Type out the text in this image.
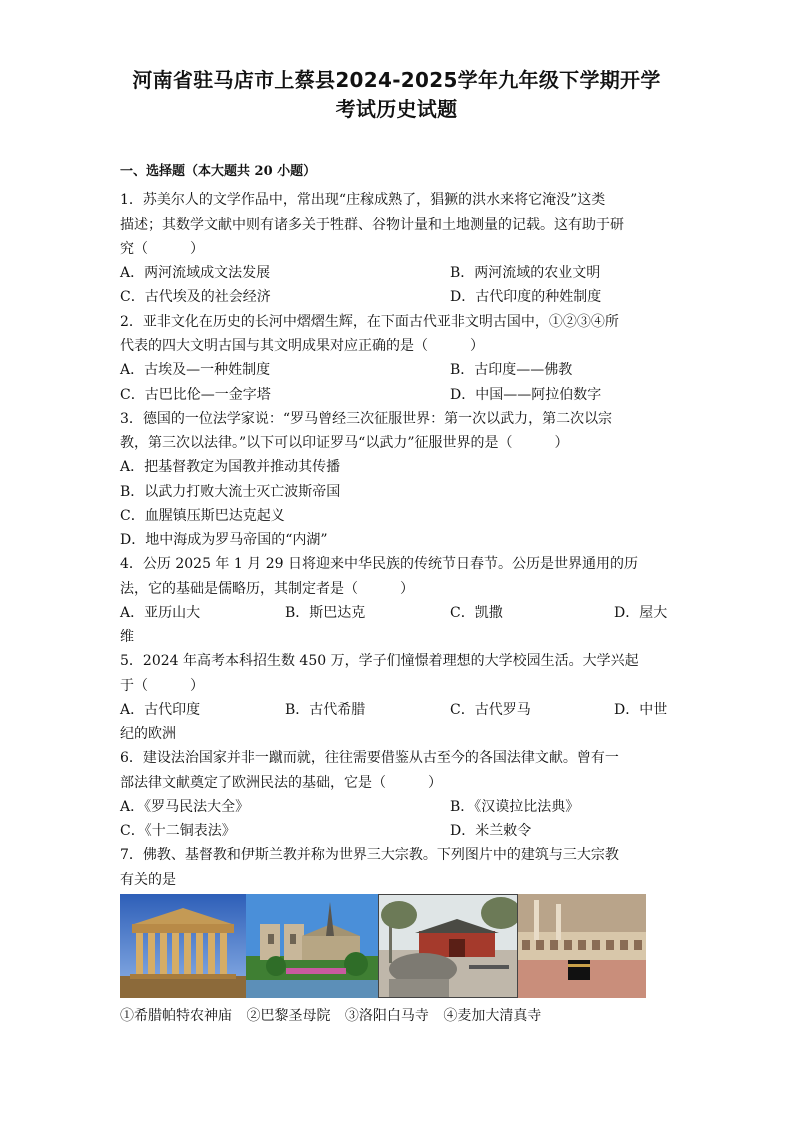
河南省驻马店市上蔡县2024-2025学年九年级下学期开学
考试历史试题
一、选择题（本大题共 20 小题）
1．苏美尔人的文学作品中，常出现“庄稼成熟了，猖獗的洪水来将它淹没”这类
描述；其数学文献中则有诸多关于牲群、谷物计量和土地测量的记载。这有助于研
究（　　　）
A．两河流域成文法发展	B．两河流域的农业文明
C．古代埃及的社会经济	D．古代印度的种姓制度
2．亚非文化在历史的长河中熠熠生辉，在下面古代亚非文明古国中，①②③④所
代表的四大文明古国与其文明成果对应正确的是（　　　）
A．古埃及—一种姓制度	B．古印度——佛教
C．古巴比伦—一金字塔	D．中国——阿拉伯数字
3．德国的一位法学家说：“罗马曾经三次征服世界：第一次以武力，第二次以宗
教，第三次以法律。”以下可以印证罗马“以武力”征服世界的是（　　　）
A．把基督教定为国教并推动其传播
B．以武力打败大流士灭亡波斯帝国
C．血腥镇压斯巴达克起义
D．地中海成为罗马帝国的“内湖”
4．公历 2025 年 1 月 29 日将迎来中华民族的传统节日春节。公历是世界通用的历
法，它的基础是儒略历，其制定者是（　　　）
A．亚历山大	B．斯巴达克	C．凯撒	D．屋大
维
5．2024 年高考本科招生数 450 万，学子们憧憬着理想的大学校园生活。大学兴起
于（　　　）
A．古代印度	B．古代希腊	C．古代罗马	D．中世
纪的欧洲
6．建设法治国家并非一蹴而就，往往需要借鉴从古至今的各国法律文献。曾有一
部法律文献奠定了欧洲民法的基础，它是（　　　）
A．《罗马民法大全》	B．《汉谟拉比法典》
C．《十二铜表法》	D．米兰敕令
7．佛教、基督教和伊斯兰教并称为世界三大宗教。下列图片中的建筑与三大宗教
有关的是
①希腊帕特农神庙 ②巴黎圣母院 ③洛阳白马寺 ④麦加大清真寺
